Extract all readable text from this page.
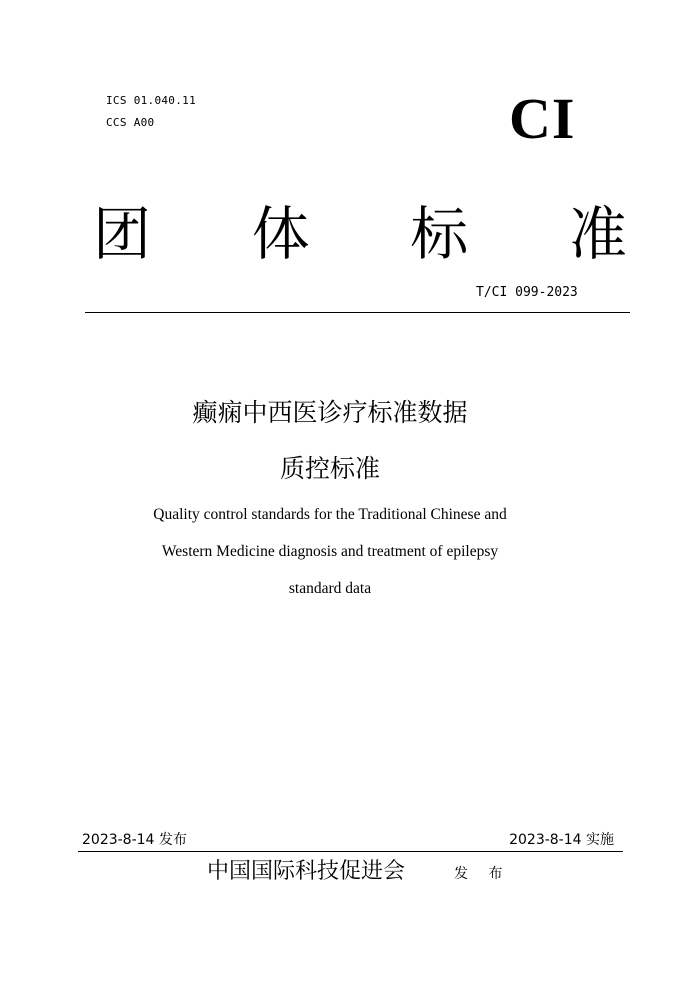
ICS 01.040.11
CCS A00	CI
团 体 标 准
T/CI 099-2023
癫痫中西医诊疗标准数据
质控标准
Quality control standards for the Traditional Chinese and
Western Medicine diagnosis and treatment of epilepsy
standard data
2023-8-14 发布	2023-8-14 实施
中国国际科技促进会	发 布
